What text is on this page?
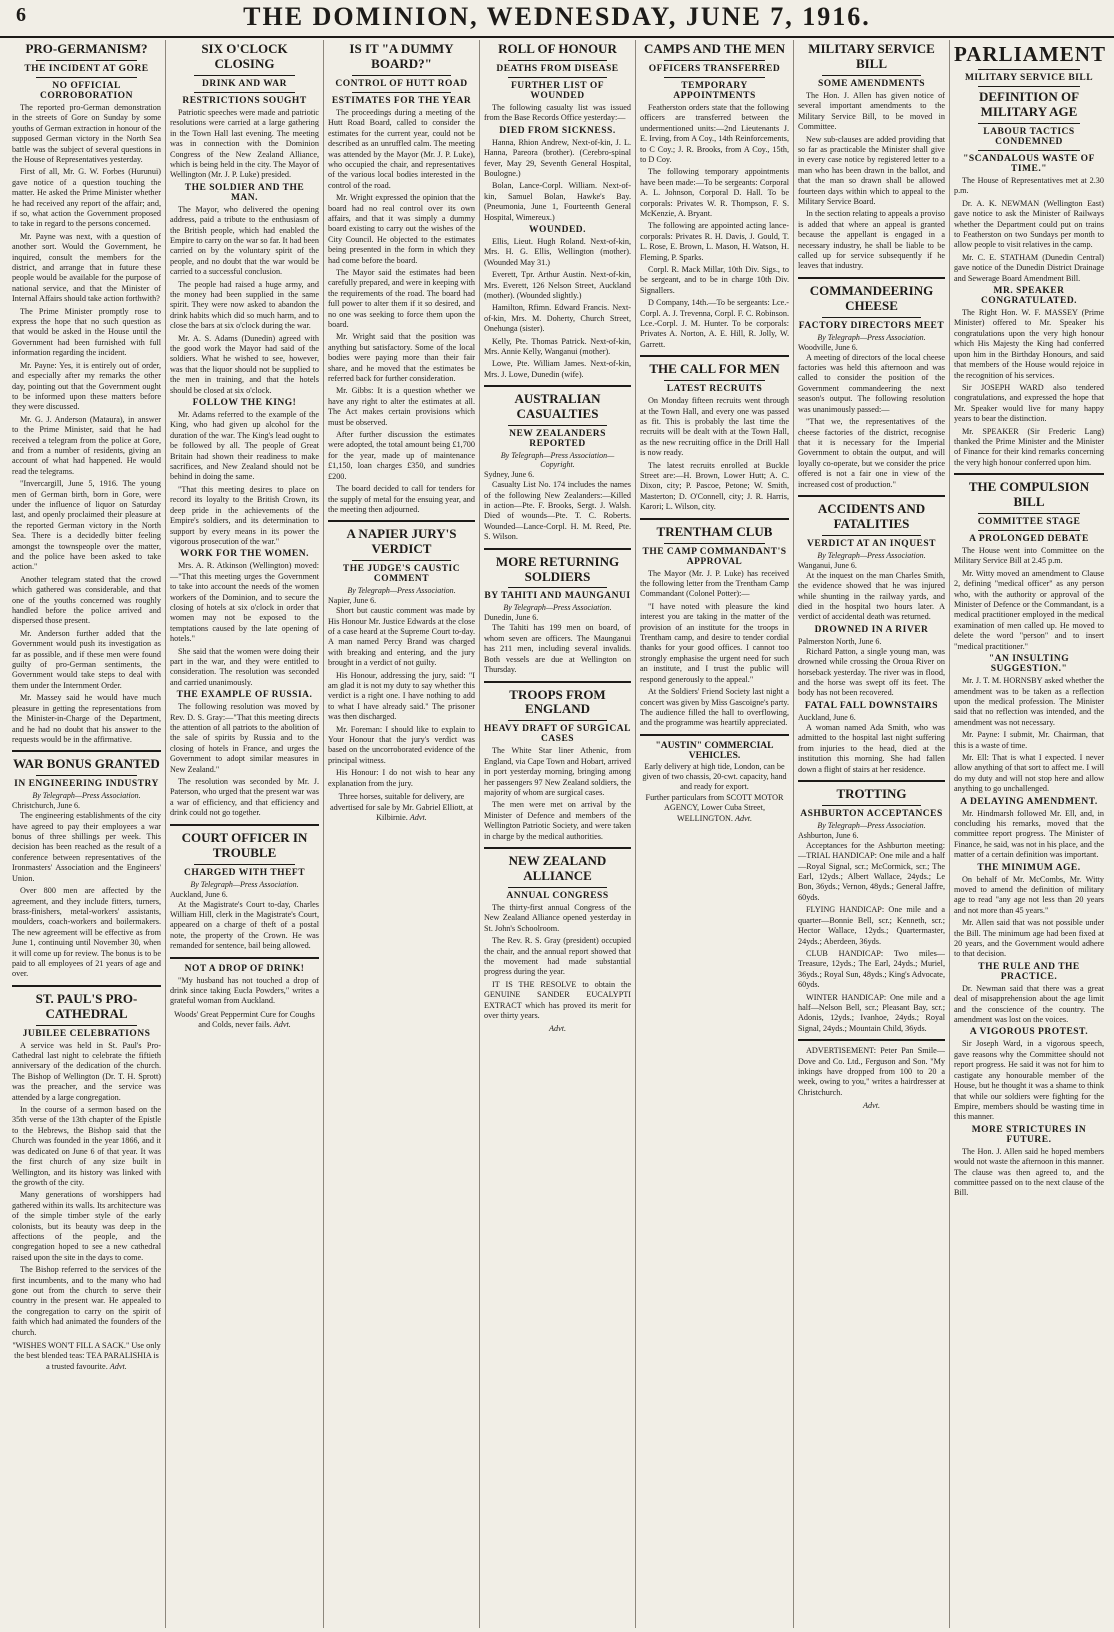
6	THE DOMINION, WEDNESDAY, JUNE 7, 1916.
PRO-GERMANISM?
THE INCIDENT AT GORE
NO OFFICIAL CORROBORATION

The reported pro-German demonstration in the streets of Gore on Sunday by some youths of German extraction in honour of the supposed German victory in the North Sea battle was the subject of several questions in the House of Representatives yesterday.

First of all, Mr. G. W. Forbes (Hurunui) gave notice of a question touching the matter. He asked the Prime Minister whether he had received any report of the affair; and, if so, what action the Government proposed to take in regard to the persons concerned.

Mr. Payne was next, with a question of another sort. Would the Government, he inquired, consult the members for the district, and arrange that in future these people would be available for the purpose of national service, and that the Minister of Internal Affairs should take action forthwith?

The Prime Minister promptly rose to express the hope that no such question as that would be asked in the House until the Government had been furnished with full information regarding the incident.

Mr. Payne: Yes, it is entirely out of order, and especially after my remarks the other day, pointing out that the Government ought to be informed upon these matters before they were discussed.

Mr. G. J. Anderson (Mataura), in answer to the Prime Minister, said that he had received a telegram from the police at Gore, and from a number of residents, giving an account of what had happened. He would read the telegrams.

"Invercargill, June 5, 1916. The young men of German birth, born in Gore, were under the influence of liquor on Saturday last, and openly proclaimed their pleasure at the reported German victory in the North Sea. There is a decidedly bitter feeling amongst the townspeople over the matter, and the police have been asked to take action."

Another telegram stated that the crowd which gathered was considerable, and that one of the youths concerned was roughly handled before the police arrived and dispersed those present.

Mr. Anderson further added that the Government would push its investigation as far as possible, and if these men were found guilty of pro-German sentiments, the Government would take steps to deal with them under the Internment Order.

Mr. Massey said he would have much pleasure in getting the representations from the Minister-in-Charge of the Department, and he had no doubt that his answer to the requests would be in the affirmative.

WAR BONUS GRANTED
IN ENGINEERING INDUSTRY
By Telegraph—Press Association.
Christchurch, June 6.

The engineering establishments of the city have agreed to pay their employees a war bonus of three shillings per week. This decision has been reached as the result of a conference between representatives of the Ironmasters' Association and the Engineers' Union.

Over 800 men are affected by the agreement, and they include fitters, turners, brass-finishers, metal-workers' assistants, moulders, coach-workers and boilermakers. The new agreement will be effective as from June 1, continuing until November 30, when it will come up for review. The bonus is to be paid to all employees of 21 years of age and over.

ST. PAUL'S PRO-CATHEDRAL
JUBILEE CELEBRATIONS

A service was held in St. Paul's Pro-Cathedral last night to celebrate the fiftieth anniversary of the dedication of the church. The Bishop of Wellington (Dr. T. H. Sprott) was the preacher, and the service was attended by a large congregation.

In the course of a sermon based on the 35th verse of the 13th chapter of the Epistle to the Hebrews, the Bishop said that the Church was founded in the year 1866, and it was dedicated on June 6 of that year. It was the first church of any size built in Wellington, and its history was linked with the growth of the city.

Many generations of worshippers had gathered within its walls. Its architecture was of the simple timber style of the early colonists, but its beauty was deep in the affections of the people, and the congregation hoped to see a new cathedral raised upon the site in the days to come.

The Bishop referred to the services of the first incumbents, and to the many who had gone out from the church to serve their country in the present war. He appealed to the congregation to carry on the spirit of faith which had animated the founders of the church.

"WISHES WON'T FILL A SACK." Use only the best blended teas: TEA PARALISHIA is a trusted favourite. Advt.
SIX O'CLOCK CLOSING
DRINK AND WAR
RESTRICTIONS SOUGHT

Patriotic speeches were made and patriotic resolutions were carried at a large gathering in the Town Hall last evening. The meeting was in connection with the Dominion Congress of the New Zealand Alliance, which is being held in the city. The Mayor of Wellington (Mr. J. P. Luke) presided.

THE SOLDIER AND THE MAN.

The Mayor, who delivered the opening address, paid a tribute to the enthusiasm of the British people, which had enabled the Empire to carry on the war so far. It had been carried on by the voluntary spirit of the people, and no doubt that the war would be carried to a successful conclusion.

The people had raised a huge army, and the money had been supplied in the same spirit. They were now asked to abandon the drink habits which did so much harm, and to close the bars at six o'clock during the war.

Mr. A. S. Adams (Dunedin) agreed with the good work the Mayor had said of the soldiers. What he wished to see, however, was that the liquor should not be supplied to the men in training, and that the hotels should be closed at six o'clock.

FOLLOW THE KING!

Mr. Adams referred to the example of the King, who had given up alcohol for the duration of the war. The King's lead ought to be followed by all. The people of Great Britain had shown their readiness to make sacrifices, and New Zealand should not be behind in doing the same.

"That this meeting desires to place on record its loyalty to the British Crown, its deep pride in the achievements of the Empire's soldiers, and its determination to support by every means in its power the vigorous prosecution of the war."

WORK FOR THE WOMEN.

Mrs. A. R. Atkinson (Wellington) moved:—"That this meeting urges the Government to take into account the needs of the women workers of the Dominion, and to secure the closing of hotels at six o'clock in order that women may not be exposed to the temptations caused by the late opening of hotels."

She said that the women were doing their part in the war, and they were entitled to consideration. The resolution was seconded and carried unanimously.

THE EXAMPLE OF RUSSIA.

The following resolution was moved by Rev. D. S. Gray:—"That this meeting directs the attention of all patriots to the abolition of the sale of spirits by Russia and to the closing of hotels in France, and urges the Government to adopt similar measures in New Zealand."

The resolution was seconded by Mr. J. Paterson, who urged that the present war was a war of efficiency, and that efficiency and drink could not go together.

COURT OFFICER IN TROUBLE
CHARGED WITH THEFT
By Telegraph—Press Association.
Auckland, June 6.

At the Magistrate's Court to-day, Charles William Hill, clerk in the Magistrate's Court, appeared on a charge of theft of a postal note, the property of the Crown. He was remanded for sentence, bail being allowed.

NOT A DROP OF DRINK!

"My husband has not touched a drop of drink since taking Eucla Powders," writes a grateful woman from Auckland.

Woods' Great Peppermint Cure for Coughs and Colds, never fails. Advt.
IS IT "A DUMMY BOARD?"
CONTROL OF HUTT ROAD
ESTIMATES FOR THE YEAR

The proceedings during a meeting of the Hutt Road Board, called to consider the estimates for the current year, could not be described as an unruffled calm. The meeting was attended by the Mayor (Mr. J. P. Luke), who occupied the chair, and representatives of the various local bodies interested in the control of the road.

Mr. Wright expressed the opinion that the board had no real control over its own affairs, and that it was simply a dummy board existing to carry out the wishes of the City Council. He objected to the estimates being presented in the form in which they had come before the board.

The Mayor said the estimates had been carefully prepared, and were in keeping with the requirements of the road. The board had full power to alter them if it so desired, and no one was seeking to force them upon the board.

Mr. Wright said that the position was anything but satisfactory. Some of the local bodies were paying more than their fair share, and he moved that the estimates be referred back for further consideration.

Mr. Gibbs: It is a question whether we have any right to alter the estimates at all. The Act makes certain provisions which must be observed.

After further discussion the estimates were adopted, the total amount being £1,700 for the year, made up of maintenance £1,150, loan charges £350, and sundries £200.

The board decided to call for tenders for the supply of metal for the ensuing year, and the meeting then adjourned.

A NAPIER JURY'S VERDICT
THE JUDGE'S CAUSTIC COMMENT
By Telegraph—Press Association.
Napier, June 6.

Short but caustic comment was made by His Honour Mr. Justice Edwards at the close of a case heard at the Supreme Court to-day. A man named Percy Brand was charged with breaking and entering, and the jury brought in a verdict of not guilty.

His Honour, addressing the jury, said: "I am glad it is not my duty to say whether this verdict is a right one. I have nothing to add to what I have already said." The prisoner was then discharged.

Mr. Foreman: I should like to explain to Your Honour that the jury's verdict was based on the uncorroborated evidence of the principal witness.

His Honour: I do not wish to hear any explanation from the jury.

Three horses, suitable for delivery, are advertised for sale by Mr. Gabriel Elliott, at Kilbirnie. Advt.
ROLL OF HONOUR
DEATHS FROM DISEASE
FURTHER LIST OF WOUNDED

The following casualty list was issued from the Base Records Office yesterday:—

DIED FROM SICKNESS.

Hanna, Rhion Andrew, Next-of-kin, J. L. Hanna, Pareora (brother). (Cerebro-spinal fever, May 29, Seventh General Hospital, Boulogne.)

Bolan, Lance-Corpl. William. Next-of-kin, Samuel Bolan, Hawke's Bay. (Pneumonia, June 1, Fourteenth General Hospital, Wimereux.)

WOUNDED.

Ellis, Lieut. Hugh Roland. Next-of-kin, Mrs. H. G. Ellis, Wellington (mother). (Wounded May 31.)

Everett, Tpr. Arthur Austin. Next-of-kin, Mrs. Everett, 126 Nelson Street, Auckland (mother). (Wounded slightly.)

Hamilton, Rfimn. Edward Francis. Next-of-kin, Mrs. M. Doherty, Church Street, Onehunga (sister).

Kelly, Pte. Thomas Patrick. Next-of-kin, Mrs. Annie Kelly, Wanganui (mother).

Lowe, Pte. William James. Next-of-kin, Mrs. J. Lowe, Dunedin (wife).

AUSTRALIAN CASUALTIES
NEW ZEALANDERS REPORTED
By Telegraph—Press Association—Copyright.
Sydney, June 6.

Casualty List No. 174 includes the names of the following New Zealanders:—Killed in action—Pte. F. Brooks, Sergt. J. Walsh. Died of wounds—Pte. T. C. Roberts. Wounded—Lance-Corpl. H. M. Reed, Pte. S. Wilson.

MORE RETURNING SOLDIERS
BY TAHITI AND MAUNGANUI
By Telegraph—Press Association.
Dunedin, June 6.

The Tahiti has 199 men on board, of whom seven are officers. The Maunganui has 211 men, including several invalids. Both vessels are due at Wellington on Thursday.

TROOPS FROM ENGLAND
HEAVY DRAFT OF SURGICAL CASES

The White Star liner Athenic, from England, via Cape Town and Hobart, arrived in port yesterday morning, bringing among her passengers 97 New Zealand soldiers, the majority of whom are surgical cases.

The men were met on arrival by the Minister of Defence and members of the Wellington Patriotic Society, and were taken in charge by the medical authorities.

NEW ZEALAND ALLIANCE
ANNUAL CONGRESS

The thirty-first annual Congress of the New Zealand Alliance opened yesterday in St. John's Schoolroom.

The Rev. R. S. Gray (president) occupied the chair, and the annual report showed that the movement had made substantial progress during the year.

IT IS THE RESOLVE to obtain the GENUINE SANDER EUCALYPTI EXTRACT which has proved its merit for over thirty years.

Advt.
CAMPS AND THE MEN
OFFICERS TRANSFERRED
TEMPORARY APPOINTMENTS

Featherston orders state that the following officers are transferred between the undermentioned units:—2nd Lieutenants J. E. Irving, from A Coy., 14th Reinforcements, to C Coy.; J. R. Brooks, from A Coy., 15th, to D Coy.

The following temporary appointments have been made:—To be sergeants: Corporal A. L. Johnson, Corporal D. Hall. To be corporals: Privates W. R. Thompson, F. S. McKenzie, A. Bryant.

The following are appointed acting lance-corporals: Privates R. H. Davis, J. Gould, T. L. Rose, E. Brown, L. Mason, H. Watson, H. Fleming, P. Sparks.

Corpl. R. Mack Millar, 10th Div. Sigs., to be sergeant, and to be in charge 10th Div. Signallers.

D Company, 14th.—To be sergeants: Lce.-Corpl. A. J. Trevenna, Corpl. F. C. Robinson. Lce.-Corpl. J. M. Hunter. To be corporals: Privates A. Norton, A. E. Hill, R. Jolly, W. Garrett.

THE CALL FOR MEN
LATEST RECRUITS

On Monday fifteen recruits went through at the Town Hall, and every one was passed as fit. This is probably the last time the recruits will be dealt with at the Town Hall, as the new recruiting office in the Drill Hall is now ready.

The latest recruits enrolled at Buckle Street are:—H. Brown, Lower Hutt; A. C. Dixon, city; P. Pascoe, Petone; W. Smith, Masterton; D. O'Connell, city; J. R. Harris, Karori; L. Wilson, city.

TRENTHAM CLUB
THE CAMP COMMANDANT'S APPROVAL

The Mayor (Mr. J. P. Luke) has received the following letter from the Trentham Camp Commandant (Colonel Potter):—

"I have noted with pleasure the kind interest you are taking in the matter of the provision of an institute for the troops in Trentham camp, and desire to tender cordial thanks for your good offices. I cannot too strongly emphasise the urgent need for such an institute, and I trust the public will respond generously to the appeal."

At the Soldiers' Friend Society last night a concert was given by Miss Gascoigne's party. The audience filled the hall to overflowing, and the programme was heartily appreciated.

"AUSTIN" COMMERCIAL VEHICLES.
Early delivery at high tide, London, can be given of two chassis, 20-cwt. capacity, hand and ready for export.
Further particulars from SCOTT MOTOR AGENCY, Lower Cuba Street, WELLINGTON. Advt.
MILITARY SERVICE BILL
SOME AMENDMENTS

The Hon. J. Allen has given notice of several important amendments to the Military Service Bill, to be moved in Committee.

New sub-clauses are added providing that so far as practicable the Minister shall give in every case notice by registered letter to a man who has been drawn in the ballot, and that the man so drawn shall be allowed fourteen days within which to appeal to the Military Service Board.

In the section relating to appeals a proviso is added that where an appeal is granted because the appellant is engaged in a necessary industry, he shall be liable to be called up for service subsequently if he leaves that industry.

COMMANDEERING CHEESE
FACTORY DIRECTORS MEET
By Telegraph—Press Association.
Woodville, June 6.

A meeting of directors of the local cheese factories was held this afternoon and was called to consider the position of the Government commandeering the next season's output. The following resolution was unanimously passed:—

"That we, the representatives of the cheese factories of the district, recognise that it is necessary for the Imperial Government to obtain the output, and will loyally co-operate, but we consider the price offered is not a fair one in view of the increased cost of production."

ACCIDENTS AND FATALITIES
VERDICT AT AN INQUEST
By Telegraph—Press Association.
Wanganui, June 6.

At the inquest on the man Charles Smith, the evidence showed that he was injured while shunting in the railway yards, and died in the hospital two hours later. A verdict of accidental death was returned.

DROWNED IN A RIVER
Palmerston North, June 6.

Richard Patton, a single young man, was drowned while crossing the Oroua River on horseback yesterday. The river was in flood, and the horse was swept off its feet. The body has not been recovered.

FATAL FALL DOWNSTAIRS
Auckland, June 6.

A woman named Ada Smith, who was admitted to the hospital last night suffering from injuries to the head, died at the institution this morning. She had fallen down a flight of stairs at her residence.

TROTTING
ASHBURTON ACCEPTANCES
By Telegraph—Press Association.
Ashburton, June 6.

Acceptances for the Ashburton meeting:—TRIAL HANDICAP: One mile and a half—Royal Signal, scr.; McCormick, scr.; The Earl, 12yds.; Albert Wallace, 24yds.; Le Bon, 36yds.; Vernon, 48yds.; General Jaffre, 60yds.

FLYING HANDICAP: One mile and a quarter—Bonnie Bell, scr.; Kenneth, scr.; Hector Wallace, 12yds.; Quartermaster, 24yds.; Aberdeen, 36yds.

CLUB HANDICAP: Two miles—Treasure, 12yds.; The Earl, 24yds.; Muriel, 36yds.; Royal Sun, 48yds.; King's Advocate, 60yds.

WINTER HANDICAP: One mile and a half—Nelson Bell, scr.; Pleasant Bay, scr.; Adonis, 12yds.; Ivanhoe, 24yds.; Royal Signal, 24yds.; Mountain Child, 36yds.

ADVERTISEMENT: Peter Pan Smile—Dove and Co. Ltd., Ferguson and Son. "My inkings have dropped from 100 to 20 a week, owing to you," writes a hairdresser at Christchurch.

Advt.
PARLIAMENT
MILITARY SERVICE BILL
DEFINITION OF MILITARY AGE
LABOUR TACTICS CONDEMNED
"SCANDALOUS WASTE OF TIME."

The House of Representatives met at 2.30 p.m.

Dr. A. K. NEWMAN (Wellington East) gave notice to ask the Minister of Railways whether the Department could put on trains to Featherston on two Sundays per month to allow people to visit relatives in the camp.

Mr. C. E. STATHAM (Dunedin Central) gave notice of the Dunedin District Drainage and Sewerage Board Amendment Bill.

MR. SPEAKER CONGRATULATED.

The Right Hon. W. F. MASSEY (Prime Minister) offered to Mr. Speaker his congratulations upon the very high honour which His Majesty the King had conferred upon him in the Birthday Honours, and said that members of the House would rejoice in the recognition of his services.

Sir JOSEPH WARD also tendered congratulations, and expressed the hope that Mr. Speaker would live for many happy years to bear the distinction.

Mr. SPEAKER (Sir Frederic Lang) thanked the Prime Minister and the Minister of Finance for their kind remarks concerning the very high honour conferred upon him.

THE COMPULSION BILL
COMMITTEE STAGE
A PROLONGED DEBATE

The House went into Committee on the Military Service Bill at 2.45 p.m.

Mr. Witty moved an amendment to Clause 2, defining "medical officer" as any person who, with the authority or approval of the Minister of Defence or the Commandant, is a medical practitioner employed in the medical examination of men called up. He moved to delete the word "person" and to insert "medical practitioner."

"AN INSULTING SUGGESTION."

Mr. J. T. M. HORNSBY asked whether the amendment was to be taken as a reflection upon the medical profession. The Minister said that no reflection was intended, and the amendment was not necessary.

Mr. Payne: I submit, Mr. Chairman, that this is a waste of time.

Mr. Ell: That is what I expected. I never allow anything of that sort to affect me. I will do my duty and will not stop here and allow anything to go unchallenged.

A DELAYING AMENDMENT.

Mr. Hindmarsh followed Mr. Ell, and, in concluding his remarks, moved that the committee report progress. The Minister of Finance, he said, was not in his place, and the matter of a certain definition was important.

THE MINIMUM AGE.

On behalf of Mr. McCombs, Mr. Witty moved to amend the definition of military age to read "any age not less than 20 years and not more than 45 years."

Mr. Allen said that was not possible under the Bill. The minimum age had been fixed at 20 years, and the Government would adhere to that decision.

THE RULE AND THE PRACTICE.

Dr. Newman said that there was a great deal of misapprehension about the age limit and the conscience of the country. The amendment was lost on the voices.

A VIGOROUS PROTEST.

Sir Joseph Ward, in a vigorous speech, gave reasons why the Committee should not report progress. He said it was not for him to castigate any honourable member of the House, but he thought it was a shame to think that while our soldiers were fighting for the Empire, members should be wasting time in this manner.

MORE STRICTURES IN FUTURE.

The Hon. J. Allen said he hoped members would not waste the afternoon in this manner. The clause was then agreed to, and the committee passed on to the next clause of the Bill.
